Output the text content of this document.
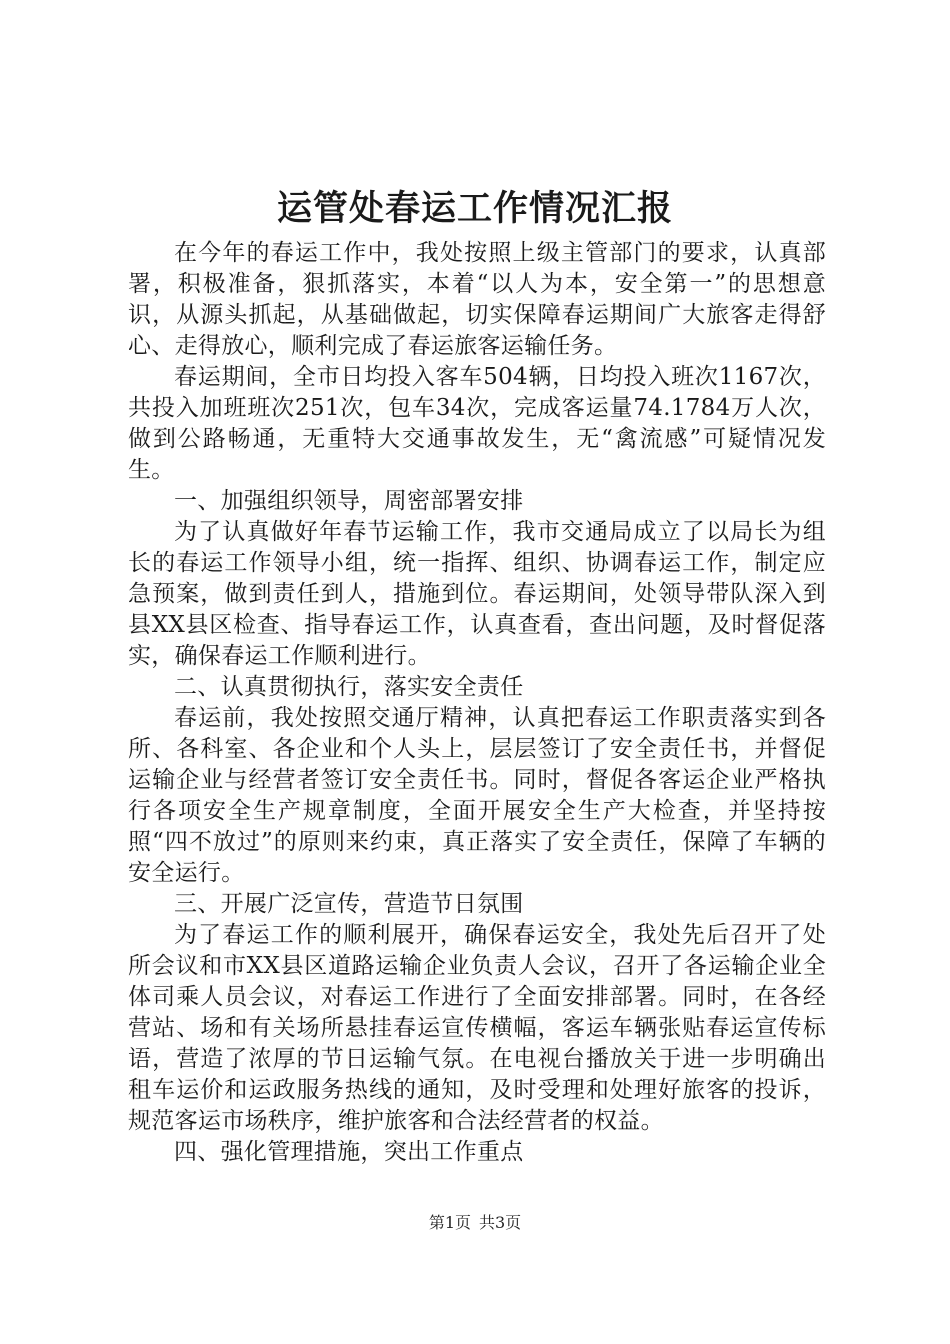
运管处春运工作情况汇报

在今年的春运工作中，我处按照上级主管部门的要求，认真部署，积极准备，狠抓落实，本着“以人为本，安全第一”的思想意识，从源头抓起，从基础做起，切实保障春运期间广大旅客走得舒心、走得放心，顺利完成了春运旅客运输任务。

春运期间，全市日均投入客车504辆，日均投入班次1167次，共投入加班班次251次，包车34次，完成客运量74.1784万人次，做到公路畅通，无重特大交通事故发生，无“禽流感”可疑情况发生。

一、加强组织领导，周密部署安排

为了认真做好年春节运输工作，我市交通局成立了以局长为组长的春运工作领导小组，统一指挥、组织、协调春运工作，制定应急预案，做到责任到人，措施到位。春运期间，处领导带队深入到县XX县区检查、指导春运工作，认真查看，查出问题，及时督促落实，确保春运工作顺利进行。

二、认真贯彻执行，落实安全责任

春运前，我处按照交通厅精神，认真把春运工作职责落实到各所、各科室、各企业和个人头上，层层签订了安全责任书，并督促运输企业与经营者签订安全责任书。同时，督促各客运企业严格执行各项安全生产规章制度，全面开展安全生产大检查，并坚持按照“四不放过”的原则来约束，真正落实了安全责任，保障了车辆的安全运行。

三、开展广泛宣传，营造节日氛围

为了春运工作的顺利展开，确保春运安全，我处先后召开了处所会议和市XX县区道路运输企业负责人会议，召开了各运输企业全体司乘人员会议，对春运工作进行了全面安排部署。同时，在各经营站、场和有关场所悬挂春运宣传横幅，客运车辆张贴春运宣传标语，营造了浓厚的节日运输气氛。在电视台播放关于进一步明确出租车运价和运政服务热线的通知，及时受理和处理好旅客的投诉，规范客运市场秩序，维护旅客和合法经营者的权益。

四、强化管理措施，突出工作重点

第1页 共3页
